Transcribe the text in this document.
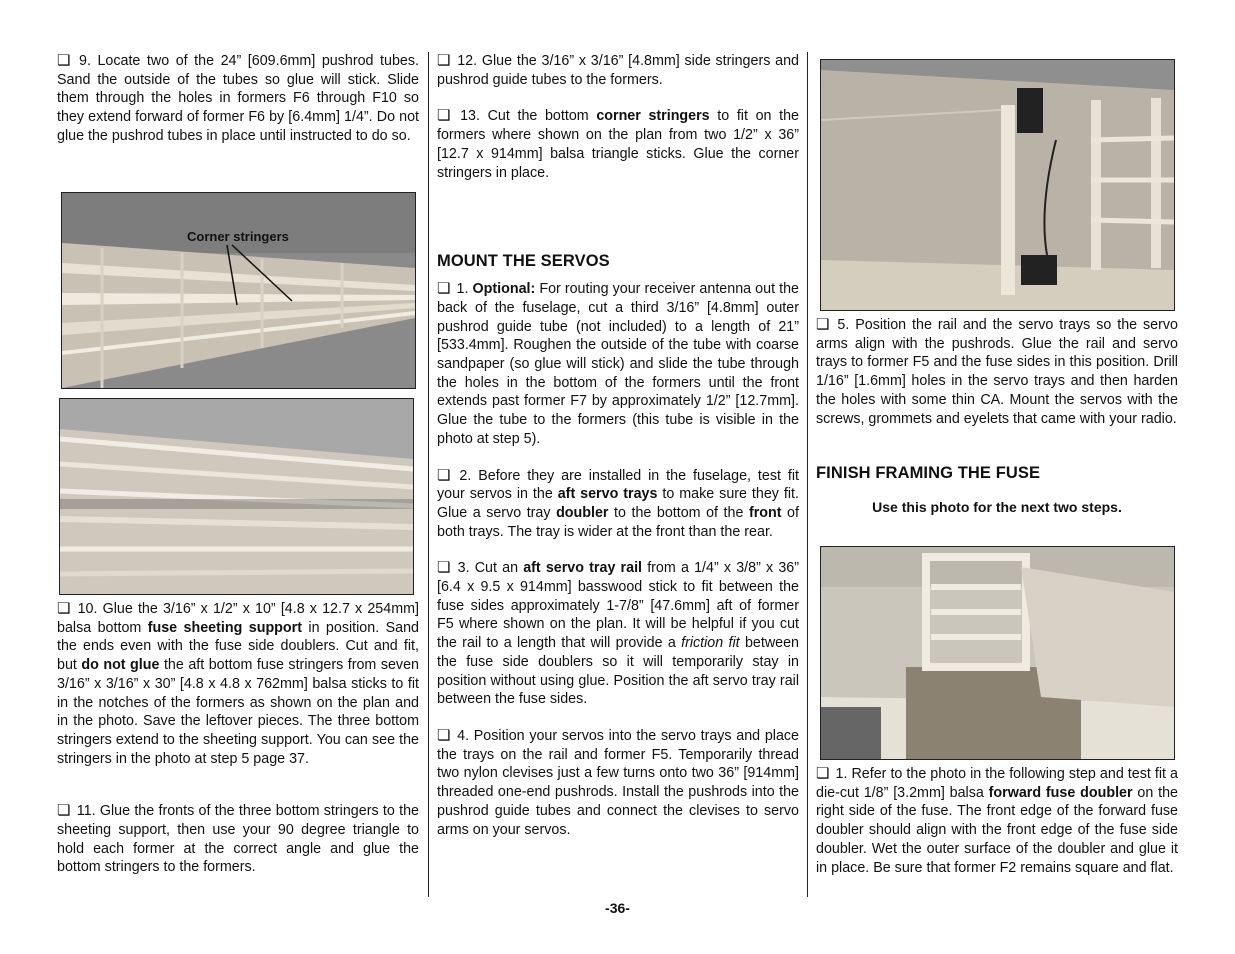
❏ 9. Locate two of the 24” [609.6mm] pushrod tubes. Sand the outside of the tubes so glue will stick. Slide them through the holes in formers F6 through F10 so they extend forward of former F6 by [6.4mm] 1/4”. Do not glue the pushrod tubes in place until instructed to do so.

Corner stringers

❏ 10. Glue the 3/16” x 1/2” x 10” [4.8 x 12.7 x 254mm] balsa bottom fuse sheeting support in position. Sand the ends even with the fuse side doublers. Cut and fit, but do not glue the aft bottom fuse stringers from seven 3/16” x 3/16” x 30” [4.8 x 4.8 x 762mm] balsa sticks to fit in the notches of the formers as shown on the plan and in the photo. Save the leftover pieces. The three bottom stringers extend to the sheeting support. You can see the stringers in the photo at step 5 page 37.

❏ 11. Glue the fronts of the three bottom stringers to the sheeting support, then use your 90 degree triangle to hold each former at the correct angle and glue the bottom stringers to the formers.

❏ 12. Glue the 3/16” x 3/16” [4.8mm] side stringers and pushrod guide tubes to the formers.

❏ 13. Cut the bottom corner stringers to fit on the formers where shown on the plan from two 1/2” x 36” [12.7 x 914mm] balsa triangle sticks. Glue the corner stringers in place.

MOUNT THE SERVOS

❏ 1. Optional: For routing your receiver antenna out the back of the fuselage, cut a third 3/16” [4.8mm] outer pushrod guide tube (not included) to a length of 21” [533.4mm]. Roughen the outside of the tube with coarse sandpaper (so glue will stick) and slide the tube through the holes in the bottom of the formers until the front extends past former F7 by approximately 1/2” [12.7mm]. Glue the tube to the formers (this tube is visible in the photo at step 5).

❏ 2. Before they are installed in the fuselage, test fit your servos in the aft servo trays to make sure they fit. Glue a servo tray doubler to the bottom of the front of both trays. The tray is wider at the front than the rear.

❏ 3. Cut an aft servo tray rail from a 1/4” x 3/8” x 36” [6.4 x 9.5 x 914mm] basswood stick to fit between the fuse sides approximately 1-7/8” [47.6mm] aft of former F5 where shown on the plan. It will be helpful if you cut the rail to a length that will provide a friction fit between the fuse side doublers so it will temporarily stay in position without using glue. Position the aft servo tray rail between the fuse sides.

❏ 4. Position your servos into the servo trays and place the trays on the rail and former F5. Temporarily thread two nylon clevises just a few turns onto two 36” [914mm] threaded one-end pushrods. Install the pushrods into the pushrod guide tubes and connect the clevises to servo arms on your servos.

❏ 5. Position the rail and the servo trays so the servo arms align with the pushrods. Glue the rail and servo trays to former F5 and the fuse sides in this position. Drill 1/16” [1.6mm] holes in the servo trays and then harden the holes with some thin CA. Mount the servos with the screws, grommets and eyelets that came with your radio.

FINISH FRAMING THE FUSE

Use this photo for the next two steps.

❏ 1. Refer to the photo in the following step and test fit a die-cut 1/8” [3.2mm] balsa forward fuse doubler on the right side of the fuse. The front edge of the forward fuse doubler should align with the front edge of the fuse side doubler. Wet the outer surface of the doubler and glue it in place. Be sure that former F2 remains square and flat.

-36-
